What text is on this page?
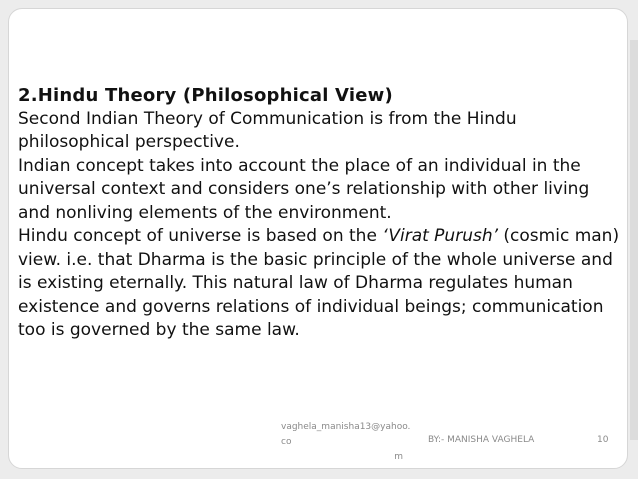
2.Hindu Theory (Philosophical View)

Second Indian Theory of Communication is from the Hindu philosophical perspective.

Indian concept takes into account the place of an individual in the universal context and considers one’s relationship with other living and nonliving elements of the environment.

Hindu concept of universe is based on the ‘Virat Purush’ (cosmic man) view. i.e. that Dharma is the basic principle of the whole universe and is existing eternally. This natural law of Dharma regulates human existence and governs relations of individual beings; communication too is governed by the same law.

vaghela_manisha13@yahoo.co
m
BY:- MANISHA VAGHELA	10
